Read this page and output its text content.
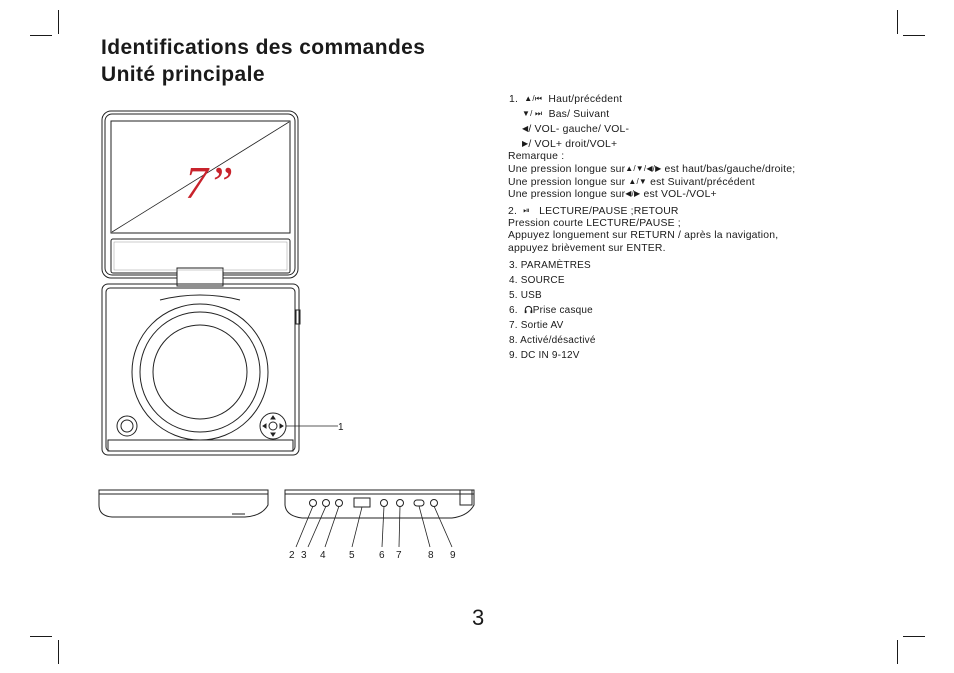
Identifications des commandes
Unité principale
1. ▲/⏮ Haut/précédent
▼/ ⏭ Bas/ Suivant
◀/ VOL- gauche/ VOL-
▶/ VOL+ droit/VOL+
Remarque :
Une pression longue sur▲/▼/◀/▶ est haut/bas/gauche/droite;
Une pression longue sur ▲/▼ est Suivant/précédent
Une pression longue sur◀/▶ est VOL-/VOL+
2. ⏯ LECTURE/PAUSE ;RETOUR
Pression courte LECTURE/PAUSE ;
Appuyez longuement sur RETURN / après la navigation,
appuyez brièvement sur ENTER.
3. PARAMÈTRES
4. SOURCE
5. USB
6. Prise casque
7. Sortie AV
8. Activé/désactivé
9. DC IN 9-12V
7”
1
2 3 4 5 6 7	8 9
3
